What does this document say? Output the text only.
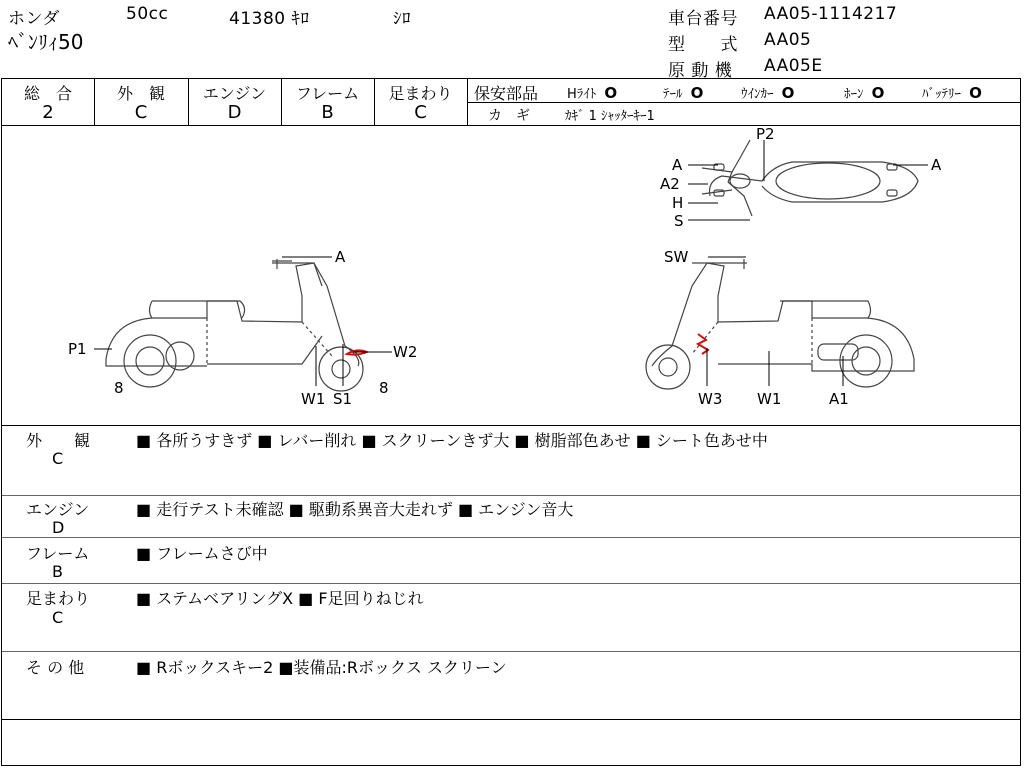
ホンダ	50cc	41380 ｷﾛ	ｼﾛ
ﾍﾞﾝﾘｨ50
車台番号 AA05-1114217
型　　式 AA05
原 動 機 AA05E
総　合
2
外　観
C
エンジン
D
フレーム
B
足まわり
C
保安部品 Hﾗｲﾄ O	ﾃｰﾙ O	ｳｲﾝｶｰ O	ﾎｰﾝ O	ﾊﾞｯﾃﾘｰ O
カ　ギ	ｶｷﾞ 1 ｼｬｯﾀｰｷｰ1
A
P1	W2
8
W1 S1
8
P2
A
A2
H
S
A
SW
W3 W1	A1
外　　観
C
■ 各所うすきず ■ レバー削れ ■ スクリーンきず大 ■ 樹脂部色あせ ■ シート色あせ中
エンジン
D
■ 走行テスト未確認 ■ 駆動系異音大走れず ■ エンジン音大
フレーム
B
■ フレームさび中
足まわり
C
■ ステムベアリングX ■ F足回りねじれ
そ の 他	■ Rボックスキー2 ■装備品:Rボックス スクリーン
